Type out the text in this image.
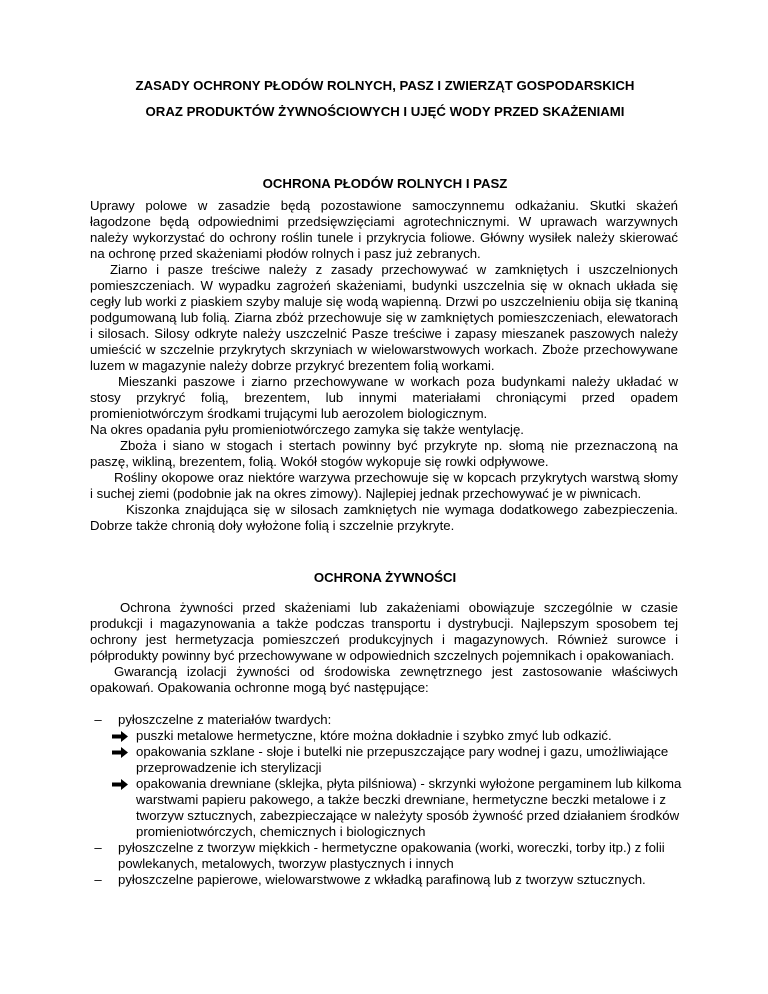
ZASADY OCHRONY PŁODÓW ROLNYCH, PASZ I ZWIERZĄT GOSPODARSKICH
ORAZ PRODUKTÓW ŻYWNOŚCIOWYCH I UJĘĆ WODY PRZED SKAŻENIAMI
OCHRONA PŁODÓW ROLNYCH I PASZ

Uprawy polowe w zasadzie będą pozostawione samoczynnemu odkażaniu. Skutki skażeń łagodzone będą odpowiednimi przedsięwzięciami agrotechnicznymi. W uprawach warzywnych należy wykorzystać do ochrony roślin tunele i przykrycia foliowe. Główny wysiłek należy skierować na ochronę przed skażeniami płodów rolnych i pasz już zebranych.

Ziarno i pasze treściwe należy z zasady przechowywać w zamkniętych i uszczelnionych pomieszczeniach. W wypadku zagrożeń skażeniami, budynki uszczelnia się w oknach układa się cegły lub worki z piaskiem szyby maluje się wodą wapienną. Drzwi po uszczelnieniu obija się tkaniną podgumowaną lub folią. Ziarna zbóż przechowuje się w zamkniętych pomieszczeniach, elewatorach i silosach. Silosy odkryte należy uszczelnić Pasze treściwe i zapasy mieszanek paszowych należy umieścić w szczelnie przykrytych skrzyniach w wielowarstwowych workach. Zboże przechowywane luzem w magazynie należy dobrze przykryć brezentem folią workami.

Mieszanki paszowe i ziarno przechowywane w workach poza budynkami należy układać w stosy przykryć folią, brezentem, lub innymi materiałami chroniącymi przed opadem promieniotwórczym środkami trującymi lub aerozolem biologicznym.

Na okres opadania pyłu promieniotwórczego zamyka się także wentylację.

Zboża i siano w stogach i stertach powinny być przykryte np. słomą nie przeznaczoną na paszę, wikliną, brezentem, folią. Wokół stogów wykopuje się rowki odpływowe.

Rośliny okopowe oraz niektóre warzywa przechowuje się w kopcach przykrytych warstwą słomy i suchej ziemi (podobnie jak na okres zimowy). Najlepiej jednak przechowywać je w piwnicach.

Kiszonka znajdująca się w silosach zamkniętych nie wymaga dodatkowego zabezpieczenia. Dobrze także chronią doły wyłożone folią i szczelnie przykryte.

OCHRONA ŻYWNOŚCI

Ochrona żywności przed skażeniami lub zakażeniami obowiązuje szczególnie w czasie produkcji i magazynowania a także podczas transportu i dystrybucji. Najlepszym sposobem tej ochrony jest hermetyzacja pomieszczeń produkcyjnych i magazynowych. Również surowce i półprodukty powinny być przechowywane w odpowiednich szczelnych pojemnikach i opakowaniach.

Gwarancją izolacji żywności od środowiska zewnętrznego jest zastosowanie właściwych opakowań. Opakowania ochronne mogą być następujące:

–	pyłoszczelne z materiałów twardych:
puszki metalowe hermetyczne, które można dokładnie i szybko zmyć lub odkazić.
opakowania szklane - słoje i butelki nie przepuszczające pary wodnej i gazu, umożliwiające przeprowadzenie ich sterylizacji
opakowania drewniane (sklejka, płyta pilśniowa) - skrzynki wyłożone pergaminem lub kilkoma warstwami papieru pakowego, a także beczki drewniane, hermetyczne beczki metalowe i z tworzyw sztucznych, zabezpieczające w należyty sposób żywność przed działaniem środków promieniotwórczych, chemicznych i biologicznych
–	pyłoszczelne z tworzyw miękkich - hermetyczne opakowania (worki, woreczki, torby itp.) z folii powlekanych, metalowych, tworzyw plastycznych i innych
–	pyłoszczelne papierowe, wielowarstwowe z wkładką parafinową lub z tworzyw sztucznych.
